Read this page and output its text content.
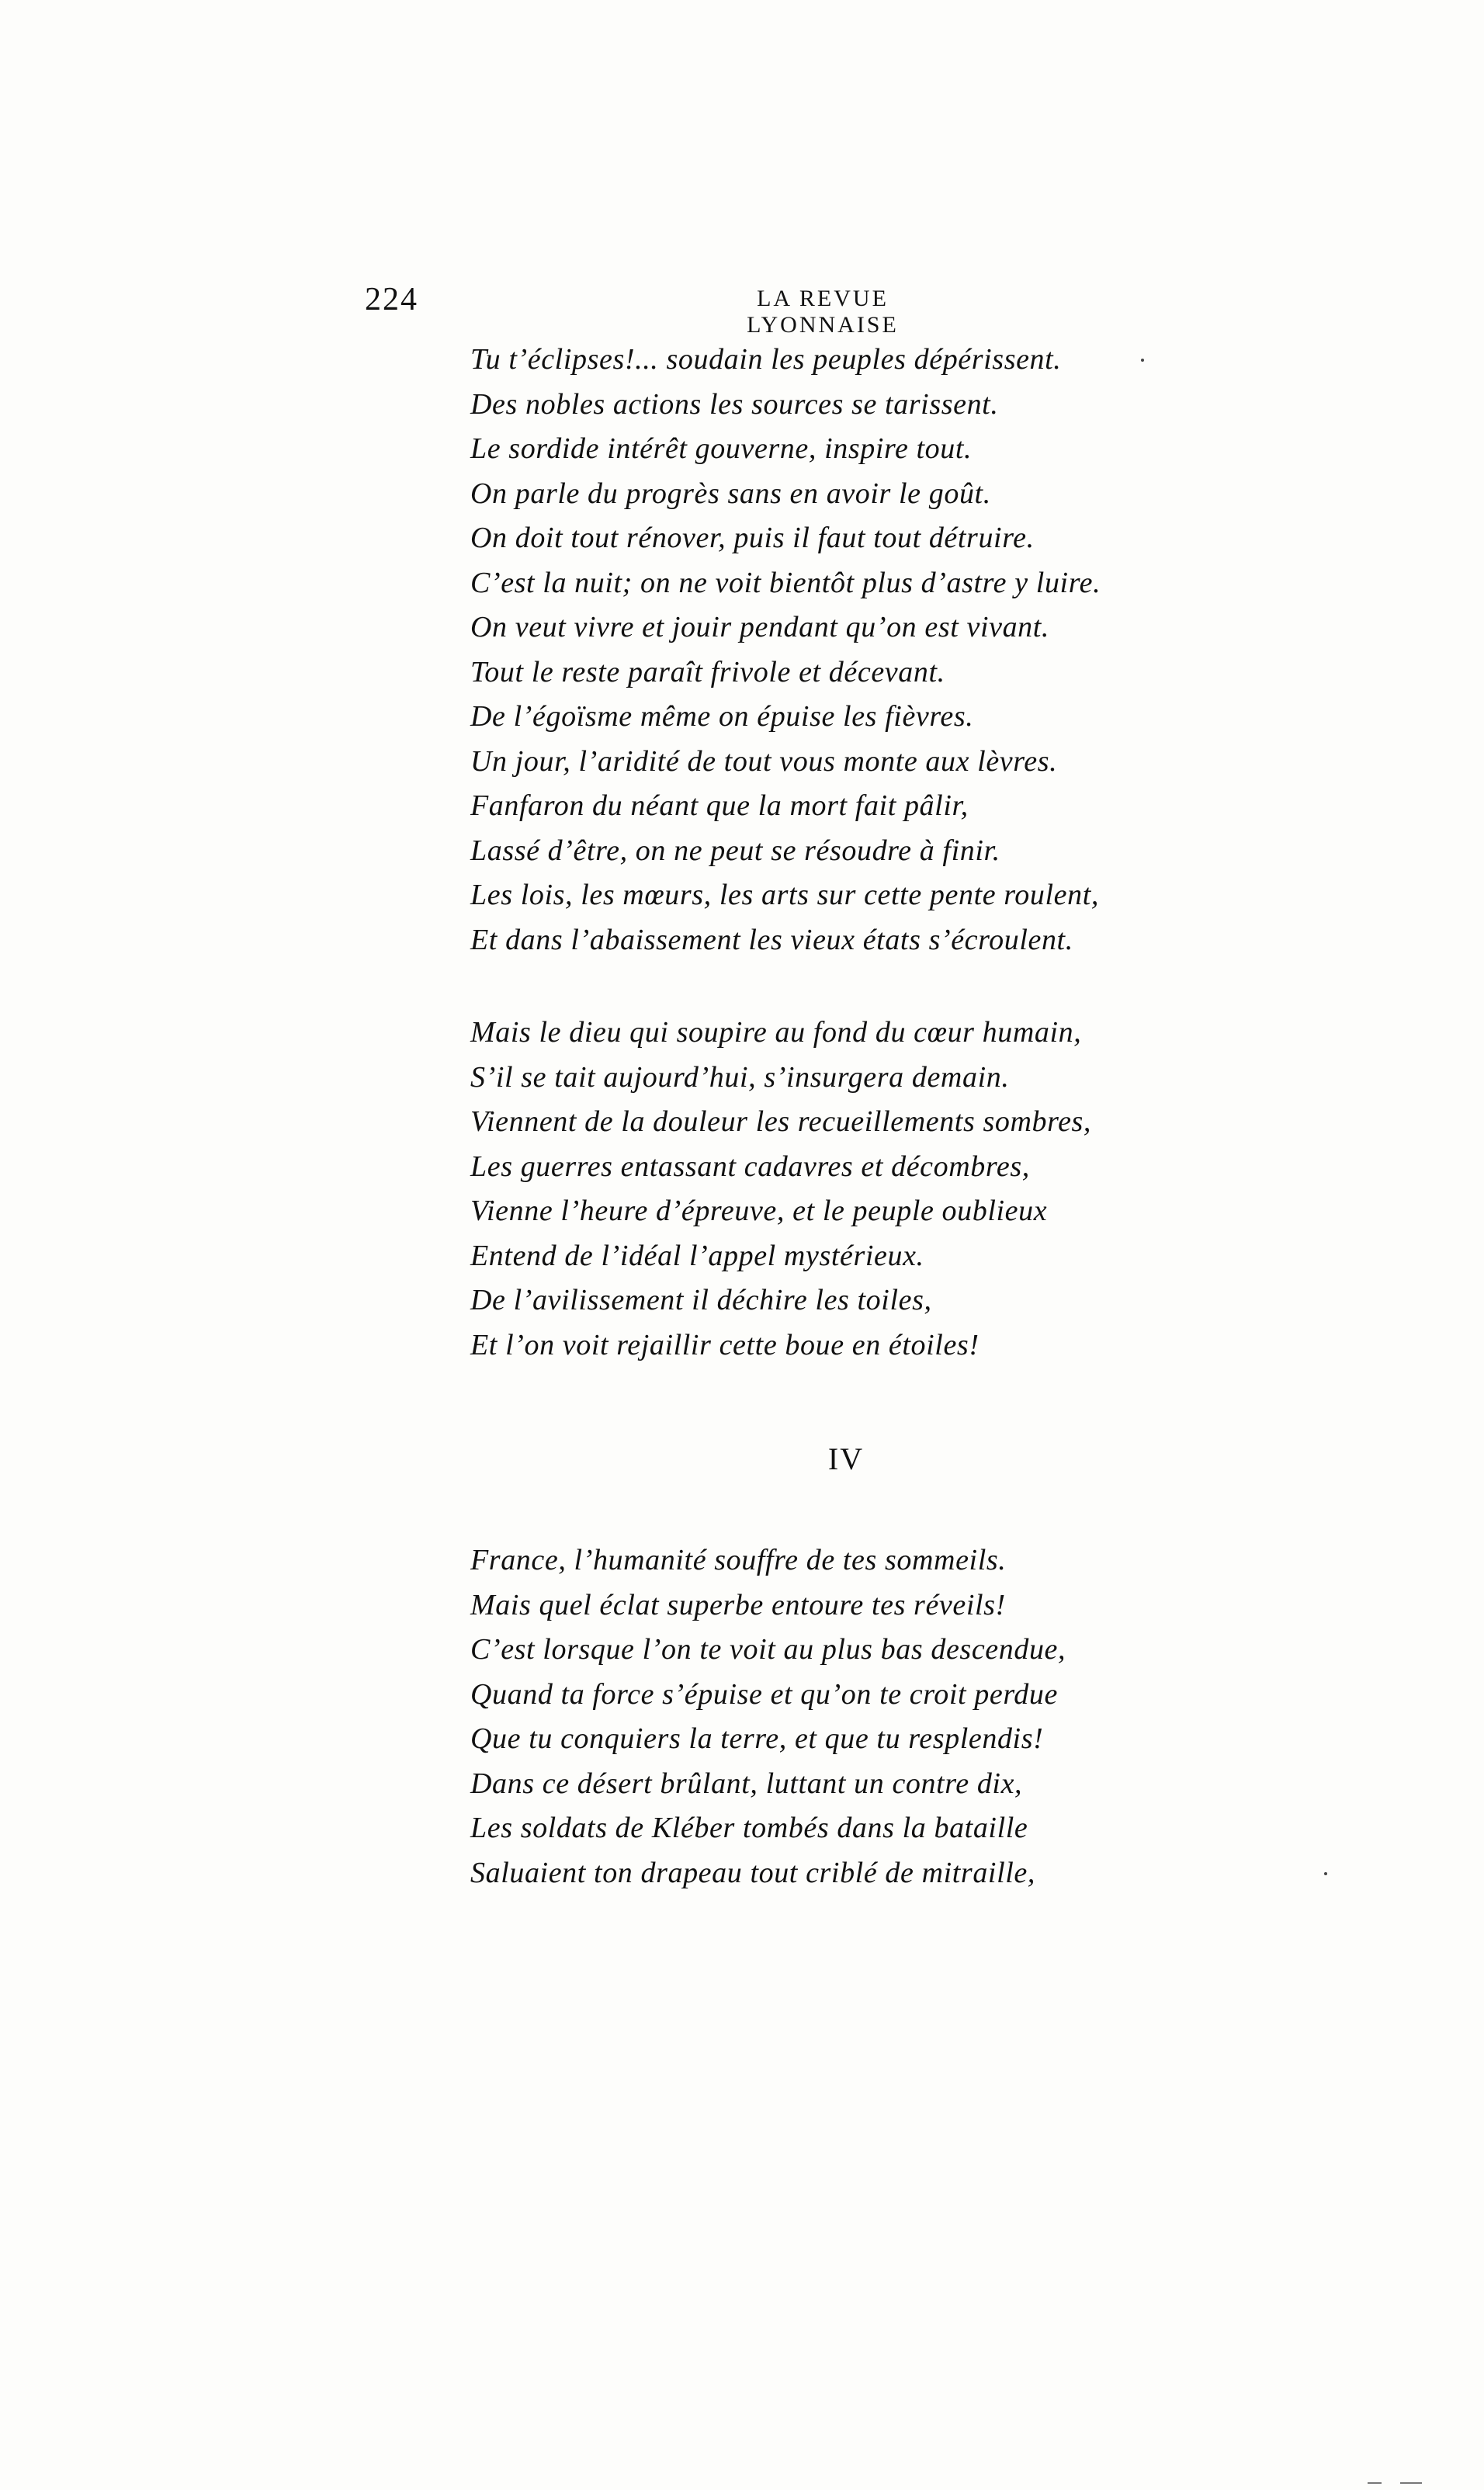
224	LA REVUE LYONNAISE
Tu t’éclipses!... soudain les peuples dépérissent.
Des nobles actions les sources se tarissent.
Le sordide intérêt gouverne, inspire tout.
On parle du progrès sans en avoir le goût.
On doit tout rénover, puis il faut tout détruire.
C’est la nuit; on ne voit bientôt plus d’astre y luire.
On veut vivre et jouir pendant qu’on est vivant.
Tout le reste paraît frivole et décevant.
De l’égoïsme même on épuise les fièvres.
Un jour, l’aridité de tout vous monte aux lèvres.
Fanfaron du néant que la mort fait pâlir,
Lassé d’être, on ne peut se résoudre à finir.
Les lois, les mœurs, les arts sur cette pente roulent,
Et dans l’abaissement les vieux états s’écroulent.
Mais le dieu qui soupire au fond du cœur humain,
S’il se tait aujourd’hui, s’insurgera demain.
Viennent de la douleur les recueillements sombres,
Les guerres entassant cadavres et décombres,
Vienne l’heure d’épreuve, et le peuple oublieux
Entend de l’idéal l’appel mystérieux.
De l’avilissement il déchire les toiles,
Et l’on voit rejaillir cette boue en étoiles!
IV
France, l’humanité souffre de tes sommeils.
Mais quel éclat superbe entoure tes réveils!
C’est lorsque l’on te voit au plus bas descendue,
Quand ta force s’épuise et qu’on te croit perdue
Que tu conquiers la terre, et que tu resplendis!
Dans ce désert brûlant, luttant un contre dix,
Les soldats de Kléber tombés dans la bataille
Saluaient ton drapeau tout criblé de mitraille,
